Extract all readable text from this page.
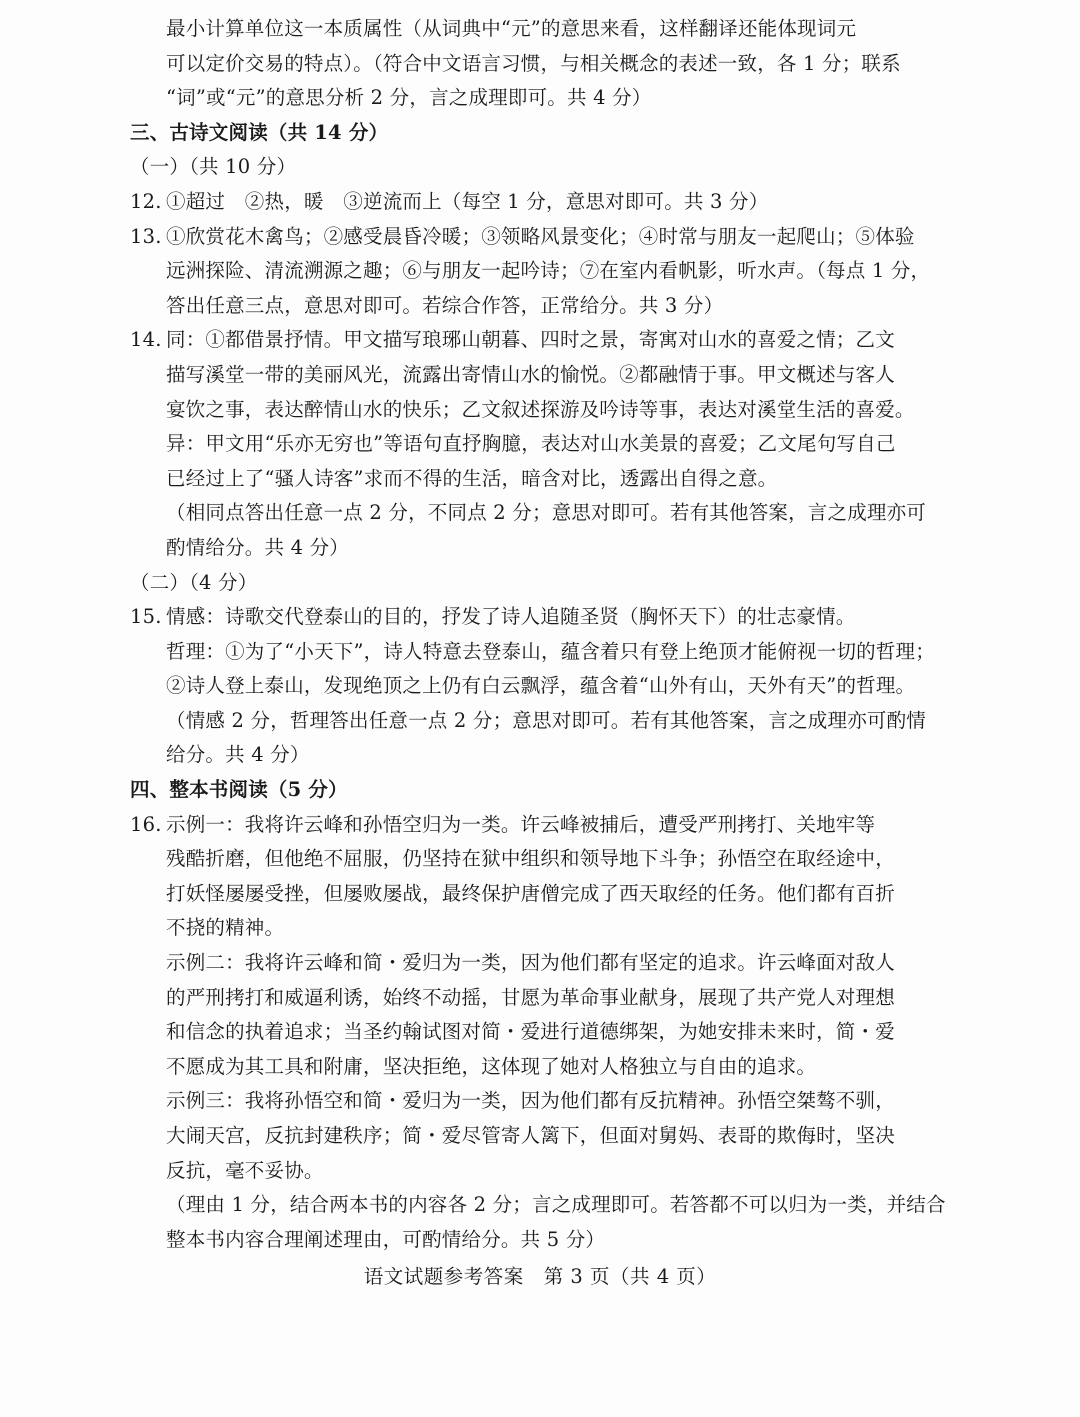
最小计算单位这一本质属性（从词典中“元”的意思来看，这样翻译还能体现词元
可以定价交易的特点）。（符合中文语言习惯，与相关概念的表述一致，各 1 分；联系
“词”或“元”的意思分析 2 分，言之成理即可。共 4 分）
三、古诗文阅读（共 14 分）
（一）（共 10 分）
12. ①超过　②热，暖　③逆流而上（每空 1 分，意思对即可。共 3 分）
13. ①欣赏花木禽鸟；②感受晨昏冷暖；③领略风景变化；④时常与朋友一起爬山；⑤体验
远洲探险、清流溯源之趣；⑥与朋友一起吟诗；⑦在室内看帆影，听水声。（每点 1 分，
答出任意三点，意思对即可。若综合作答，正常给分。共 3 分）
14. 同：①都借景抒情。甲文描写琅琊山朝暮、四时之景，寄寓对山水的喜爱之情；乙文
描写溪堂一带的美丽风光，流露出寄情山水的愉悦。②都融情于事。甲文概述与客人
宴饮之事，表达醉情山水的快乐；乙文叙述探游及吟诗等事，表达对溪堂生活的喜爱。
异：甲文用“乐亦无穷也”等语句直抒胸臆，表达对山水美景的喜爱；乙文尾句写自己
已经过上了“骚人诗客”求而不得的生活，暗含对比，透露出自得之意。
（相同点答出任意一点 2 分，不同点 2 分；意思对即可。若有其他答案，言之成理亦可
酌情给分。共 4 分）
（二）（4 分）
15. 情感：诗歌交代登泰山的目的，抒发了诗人追随圣贤（胸怀天下）的壮志豪情。
哲理：①为了“小天下”，诗人特意去登泰山，蕴含着只有登上绝顶才能俯视一切的哲理；
②诗人登上泰山，发现绝顶之上仍有白云飘浮，蕴含着“山外有山，天外有天”的哲理。
（情感 2 分，哲理答出任意一点 2 分；意思对即可。若有其他答案，言之成理亦可酌情
给分。共 4 分）
四、整本书阅读（5 分）
16. 示例一：我将许云峰和孙悟空归为一类。许云峰被捕后，遭受严刑拷打、关地牢等
残酷折磨，但他绝不屈服，仍坚持在狱中组织和领导地下斗争；孙悟空在取经途中，
打妖怪屡屡受挫，但屡败屡战，最终保护唐僧完成了西天取经的任务。他们都有百折
不挠的精神。
示例二：我将许云峰和简・爱归为一类，因为他们都有坚定的追求。许云峰面对敌人
的严刑拷打和威逼利诱，始终不动摇，甘愿为革命事业献身，展现了共产党人对理想
和信念的执着追求；当圣约翰试图对简・爱进行道德绑架，为她安排未来时，简・爱
不愿成为其工具和附庸，坚决拒绝，这体现了她对人格独立与自由的追求。
示例三：我将孙悟空和简・爱归为一类，因为他们都有反抗精神。孙悟空桀骜不驯，
大闹天宫，反抗封建秩序；简・爱尽管寄人篱下，但面对舅妈、表哥的欺侮时，坚决
反抗，毫不妥协。
（理由 1 分，结合两本书的内容各 2 分；言之成理即可。若答都不可以归为一类，并结合
整本书内容合理阐述理由，可酌情给分。共 5 分）
语文试题参考答案　第 3 页（共 4 页）
